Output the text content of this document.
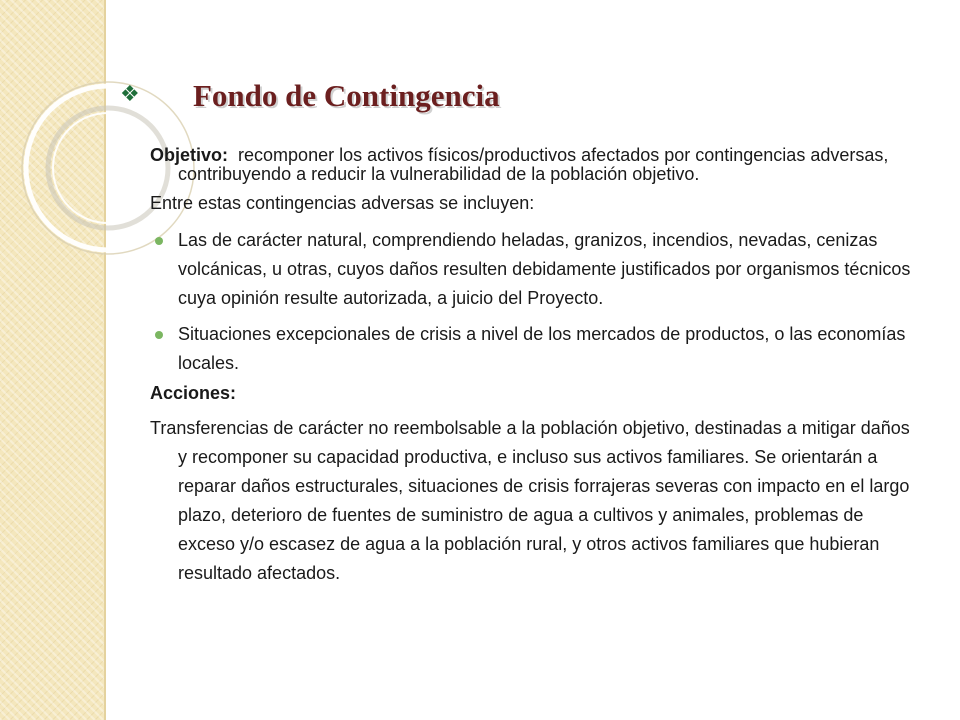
❖ Fondo de Contingencia

Objetivo: recomponer los activos físicos/productivos afectados por contingencias adversas, contribuyendo a reducir la vulnerabilidad de la población objetivo.

Entre estas contingencias adversas se incluyen:

Las de carácter natural, comprendiendo heladas, granizos, incendios, nevadas, cenizas volcánicas, u otras, cuyos daños resulten debidamente justificados por organismos técnicos cuya opinión resulte autorizada, a juicio del Proyecto.
Situaciones excepcionales de crisis a nivel de los mercados de productos, o las economías locales.

Acciones:

Transferencias de carácter no reembolsable a la población objetivo, destinadas a mitigar daños y recomponer su capacidad productiva, e incluso sus activos familiares. Se orientarán a reparar daños estructurales, situaciones de crisis forrajeras severas con impacto en el largo plazo, deterioro de fuentes de suministro de agua a cultivos y animales, problemas de exceso y/o escasez de agua a la población rural, y otros activos familiares que hubieran resultado afectados.
